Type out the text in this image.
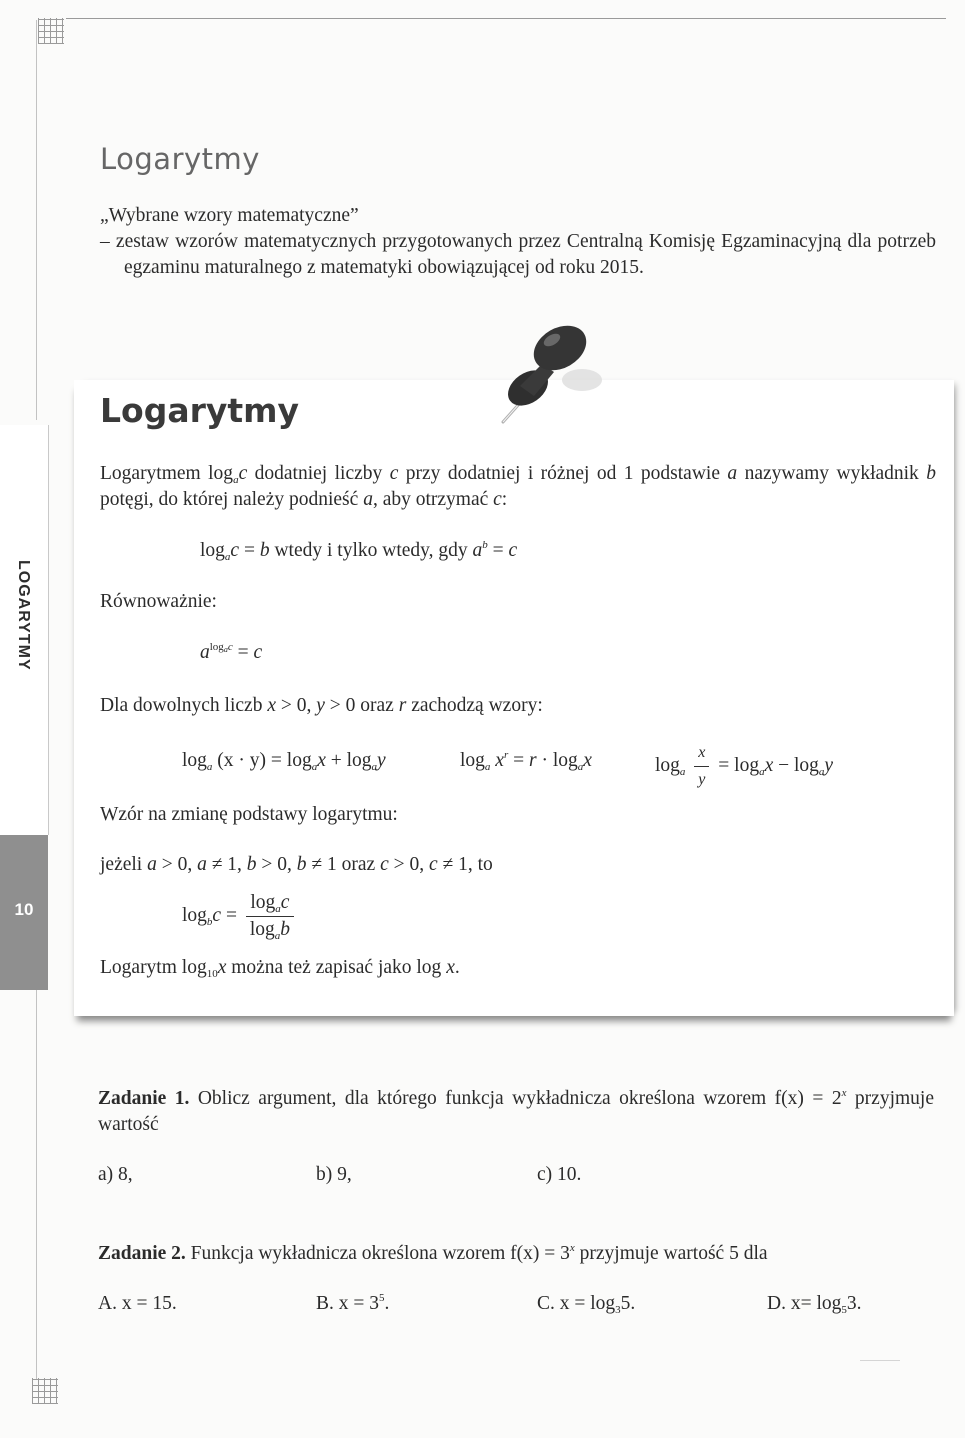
LOGARYTMY
10
Logarytmy

„Wybrane wzory matematyczne”

– zestaw wzorów matematycznych przygotowanych przez Centralną Komisję Egzaminacyjną dla potrzeb egzaminu maturalnego z matematyki obowiązującej od roku 2015.

Logarytmy
Logarytmem $\log_ac$ dodatniej liczby c przy dodatniej i różnej od 1 podstawie a nazywamy wykładnik b potęgi, do której należy podnieść a, aby otrzymać c:
$\log_ac = b$ wtedy i tylko wtedy, gdy $a^b = c$
Równoważnie:
$a^{logac} = c$
Dla dowolnych liczb x > 0, y > 0 oraz r zachodzą wzory:
$\log_a (x \cdot y) = \log_ax + \log_ay$	$\log_a x^r = r \cdot \log_ax$	$\log_a \frac{x}{y} = \log_ax - \log_ay$
Wzór na zmianę podstawy logarytmu:
jeżeli a > 0, a ≠ 1, b > 0, b ≠ 1 oraz c > 0, c ≠ 1, to
$\log_bc = \frac{\log_ac}{\log_ab}$
Logarytm $\log_{10}x$ można też zapisać jako log x.
Zadanie 1. Oblicz argument, dla którego funkcja wykładnicza określona wzorem $f(x) = 2^x$ przyjmuje wartość
a) 8,	b) 9,	c) 10.
Zadanie 2. Funkcja wykładnicza określona wzorem $f(x) = 3^x$ przyjmuje wartość 5 dla
A. x = 15.	B. $x = 3^5$.	C. $x = \log_35$.	D. $x= \log_53$.
